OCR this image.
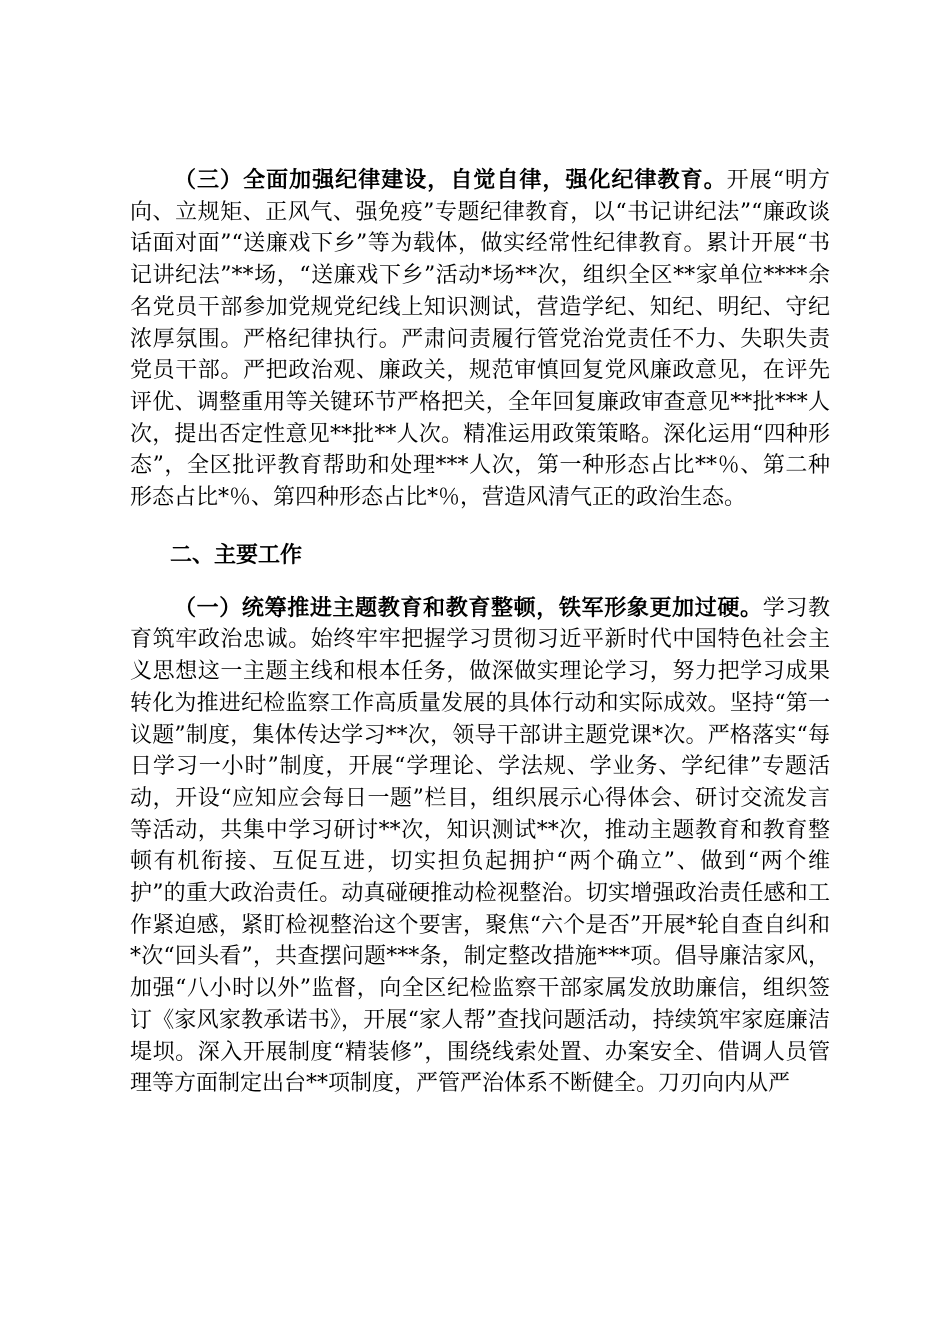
（三）全面加强纪律建设，自觉自律，强化纪律教育。开展“明方向、立规矩、正风气、强免疫”专题纪律教育，以“书记讲纪法”“廉政谈话面对面”“送廉戏下乡”等为载体，做实经常性纪律教育。累计开展“书记讲纪法”**场，“送廉戏下乡”活动*场**次，组织全区**家单位****余名党员干部参加党规党纪线上知识测试，营造学纪、知纪、明纪、守纪浓厚氛围。严格纪律执行。严肃问责履行管党治党责任不力、失职失责党员干部。严把政治观、廉政关，规范审慎回复党风廉政意见，在评先评优、调整重用等关键环节严格把关，全年回复廉政审查意见**批***人次，提出否定性意见**批**人次。精准运用政策策略。深化运用“四种形态”，全区批评教育帮助和处理***人次，第一种形态占比**％、第二种形态占比*％、第四种形态占比*％，营造风清气正的政治生态。

二、主要工作

（一）统筹推进主题教育和教育整顿，铁军形象更加过硬。学习教育筑牢政治忠诚。始终牢牢把握学习贯彻习近平新时代中国特色社会主义思想这一主题主线和根本任务，做深做实理论学习，努力把学习成果转化为推进纪检监察工作高质量发展的具体行动和实际成效。坚持“第一议题”制度，集体传达学习**次，领导干部讲主题党课*次。严格落实“每日学习一小时”制度，开展“学理论、学法规、学业务、学纪律”专题活动，开设“应知应会每日一题”栏目，组织展示心得体会、研讨交流发言等活动，共集中学习研讨**次，知识测试**次，推动主题教育和教育整顿有机衔接、互促互进，切实担负起拥护“两个确立”、做到“两个维护”的重大政治责任。动真碰硬推动检视整治。切实增强政治责任感和工作紧迫感，紧盯检视整治这个要害，聚焦“六个是否”开展*轮自查自纠和*次“回头看”，共查摆问题***条，制定整改措施***项。倡导廉洁家风，加强“八小时以外”监督，向全区纪检监察干部家属发放助廉信，组织签订《家风家教承诺书》，开展“家人帮”查找问题活动，持续筑牢家庭廉洁堤坝。深入开展制度“精装修”，围绕线索处置、办案安全、借调人员管理等方面制定出台**项制度，严管严治体系不断健全。刀刃向内从严
